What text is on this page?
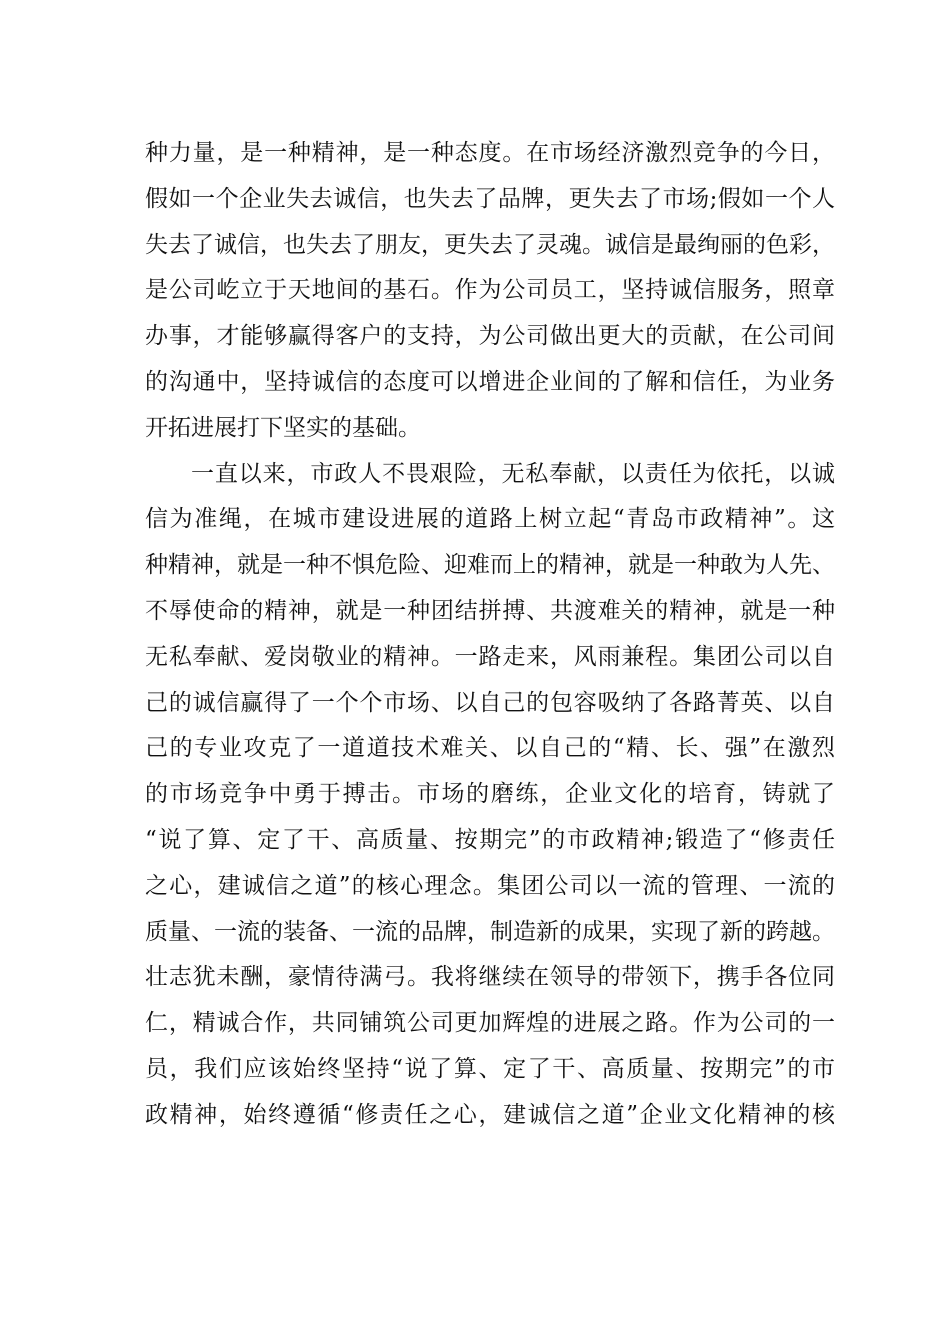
种力量，是一种精神，是一种态度。在市场经济激烈竞争的今日，
假如一个企业失去诚信，也失去了品牌，更失去了市场;假如一个人
失去了诚信，也失去了朋友，更失去了灵魂。诚信是最绚丽的色彩，
是公司屹立于天地间的基石。作为公司员工，坚持诚信服务，照章
办事，才能够赢得客户的支持，为公司做出更大的贡献，在公司间
的沟通中，坚持诚信的态度可以增进企业间的了解和信任，为业务
开拓进展打下坚实的基础。
一直以来，市政人不畏艰险，无私奉献，以责任为依托，以诚
信为准绳，在城市建设进展的道路上树立起“青岛市政精神”。这
种精神，就是一种不惧危险、迎难而上的精神，就是一种敢为人先、
不辱使命的精神，就是一种团结拼搏、共渡难关的精神，就是一种
无私奉献、爱岗敬业的精神。一路走来，风雨兼程。集团公司以自
己的诚信赢得了一个个市场、以自己的包容吸纳了各路菁英、以自
己的专业攻克了一道道技术难关、以自己的“精、长、强”在激烈
的市场竞争中勇于搏击。市场的磨练，企业文化的培育，铸就了
“说了算、定了干、高质量、按期完”的市政精神;锻造了“修责任
之心，建诚信之道”的核心理念。集团公司以一流的管理、一流的
质量、一流的装备、一流的品牌，制造新的成果，实现了新的跨越。
壮志犹未酬，豪情待满弓。我将继续在领导的带领下，携手各位同
仁，精诚合作，共同铺筑公司更加辉煌的进展之路。作为公司的一
员，我们应该始终坚持“说了算、定了干、高质量、按期完”的市
政精神，始终遵循“修责任之心，建诚信之道”企业文化精神的核
